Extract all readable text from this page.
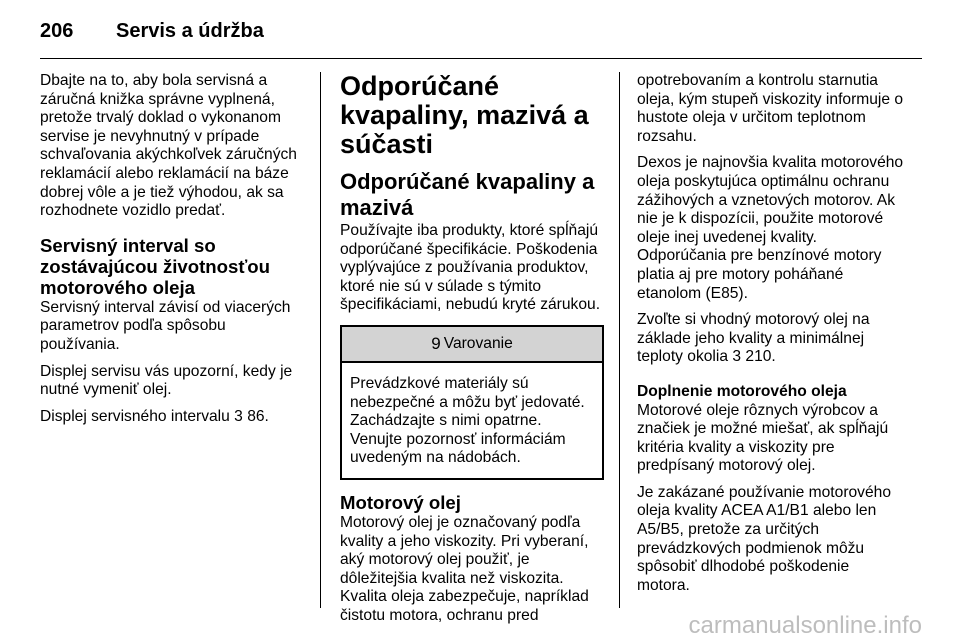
206 Servis a údržba

Dbajte na to, aby bola servisná a záručná knižka správne vyplnená, pretože trvalý doklad o vykonanom servise je nevyhnutný v prípade schvaľovania akýchkoľvek záručných reklamácií alebo reklamácií na báze dobrej vôle a je tiež výhodou, ak sa rozhodnete vozidlo predať.

Servisný interval so zostávajúcou životnosťou motorového oleja

Servisný interval závisí od viacerých parametrov podľa spôsobu používania.

Displej servisu vás upozorní, kedy je nutné vymeniť olej.

Displej servisného intervalu 3 86.

Odporúčané kvapaliny, mazivá a súčasti
Odporúčané kvapaliny a mazivá

Používajte iba produkty, ktoré spĺňajú odporúčané špecifikácie. Poškodenia vyplývajúce z používania produktov, ktoré nie sú v súlade s týmito špecifikáciami, nebudú kryté zárukou.

9 Varovanie
Prevádzkové materiály sú nebezpečné a môžu byť jedovaté. Zachádzajte s nimi opatrne. Venujte pozornosť informáciám uvedeným na nádobách.
Motorový olej

Motorový olej je označovaný podľa kvality a jeho viskozity. Pri vyberaní, aký motorový olej použiť, je dôležitejšia kvalita než viskozita. Kvalita oleja zabezpečuje, napríklad čistotu motora, ochranu pred

opotrebovaním a kontrolu starnutia oleja, kým stupeň viskozity informuje o hustote oleja v určitom teplotnom rozsahu.

Dexos je najnovšia kvalita motorového oleja poskytujúca optimálnu ochranu zážihových a vznetových motorov. Ak nie je k dispozícii, použite motorové oleje inej uvedenej kvality. Odporúčania pre benzínové motory platia aj pre motory poháňané etanolom (E85).

Zvoľte si vhodný motorový olej na základe jeho kvality a minimálnej teploty okolia 3 210.

Doplnenie motorového oleja

Motorové oleje rôznych výrobcov a značiek je možné miešať, ak spĺňajú kritéria kvality a viskozity pre predpísaný motorový olej.

Je zakázané používanie motorového oleja kvality ACEA A1/B1 alebo len A5/B5, pretože za určitých prevádzkových podmienok môžu spôsobiť dlhodobé poškodenie motora.

carmanualsonline.info
